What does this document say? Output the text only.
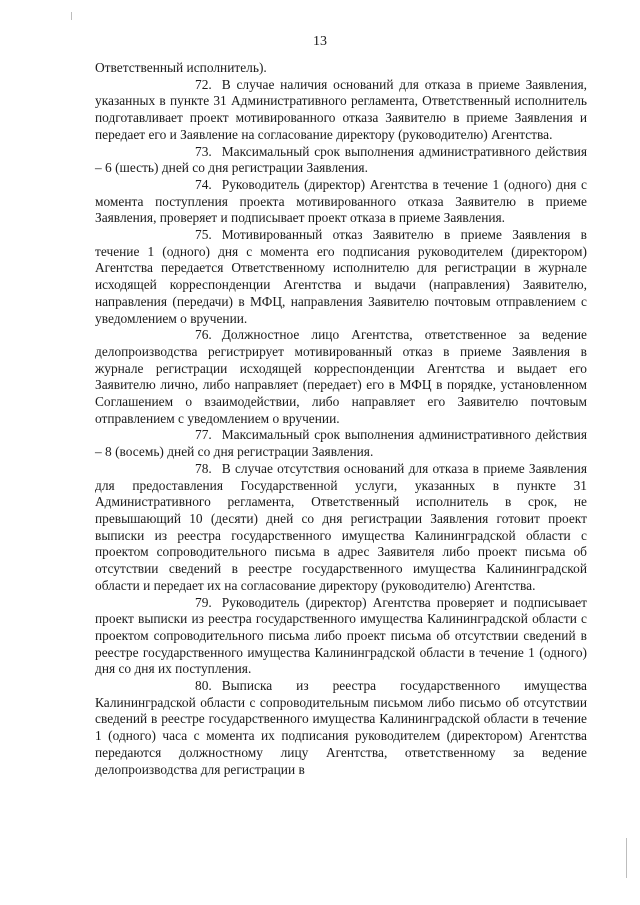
13

Ответственный исполнитель).

72. В случае наличия оснований для отказа в приеме Заявления, указанных в пункте 31 Административного регламента, Ответственный исполнитель подготавливает проект мотивированного отказа Заявителю в приеме Заявления и передает его и Заявление на согласование директору (руководителю) Агентства.

73. Максимальный срок выполнения административного действия – 6 (шесть) дней со дня регистрации Заявления.

74. Руководитель (директор) Агентства в течение 1 (одного) дня с момента поступления проекта мотивированного отказа Заявителю в приеме Заявления, проверяет и подписывает проект отказа в приеме Заявления.

75. Мотивированный отказ Заявителю в приеме Заявления в течение 1 (одного) дня с момента его подписания руководителем (директором) Агентства передается Ответственному исполнителю для регистрации в журнале исходящей корреспонденции Агентства и выдачи (направления) Заявителю, направления (передачи) в МФЦ, направления Заявителю почтовым отправлением с уведомлением о вручении.

76. Должностное лицо Агентства, ответственное за ведение делопроизводства регистрирует мотивированный отказ в приеме Заявления в журнале регистрации исходящей корреспонденции Агентства и выдает его Заявителю лично, либо направляет (передает) его в МФЦ в порядке, установленном Соглашением о взаимодействии, либо направляет его Заявителю почтовым отправлением с уведомлением о вручении.

77. Максимальный срок выполнения административного действия – 8 (восемь) дней со дня регистрации Заявления.

78. В случае отсутствия оснований для отказа в приеме Заявления для предоставления Государственной услуги, указанных в пункте 31 Административного регламента, Ответственный исполнитель в срок, не превышающий 10 (десяти) дней со дня регистрации Заявления готовит проект выписки из реестра государственного имущества Калининградской области с проектом сопроводительного письма в адрес Заявителя либо проект письма об отсутствии сведений в реестре государственного имущества Калининградской области и передает их на согласование директору (руководителю) Агентства.

79. Руководитель (директор) Агентства проверяет и подписывает проект выписки из реестра государственного имущества Калининградской области с проектом сопроводительного письма либо проект письма об отсутствии сведений в реестре государственного имущества Калининградской области в течение 1 (одного) дня со дня их поступления.

80. Выписка из реестра государственного имущества Калининградской области с сопроводительным письмом либо письмо об отсутствии сведений в реестре государственного имущества Калининградской области в течение 1 (одного) часа с момента их подписания руководителем (директором) Агентства передаются должностному лицу Агентства, ответственному за ведение делопроизводства для регистрации в
